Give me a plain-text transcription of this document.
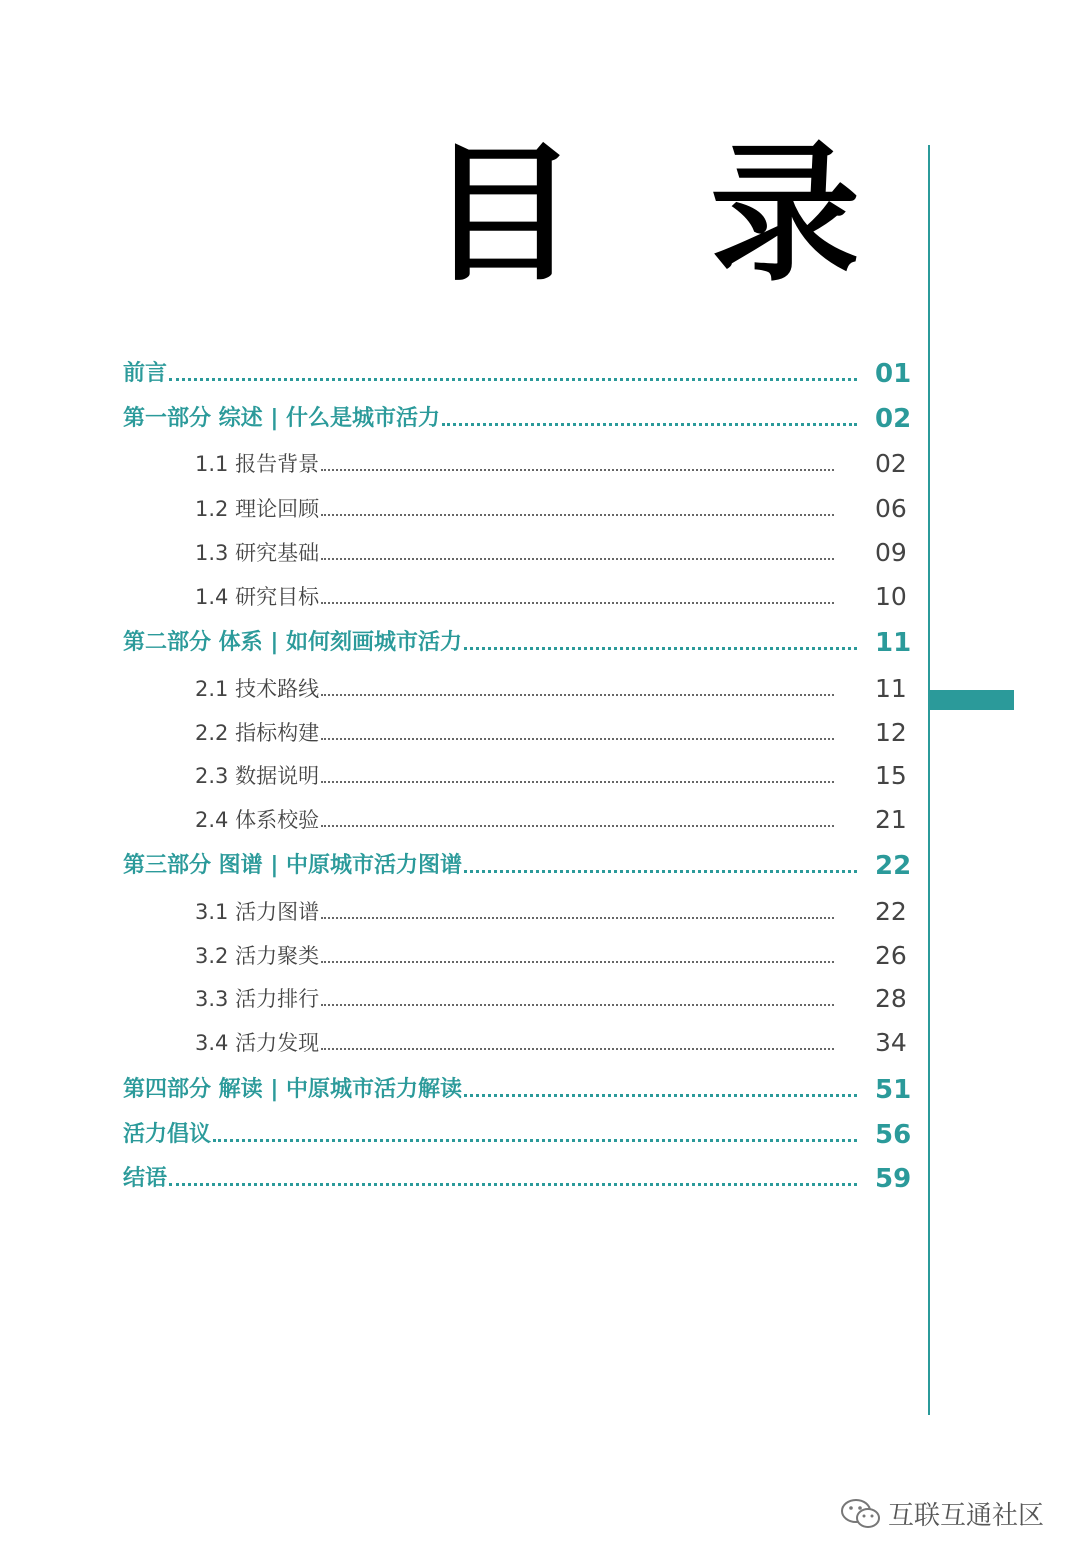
目 录
前言	01
第一部分 综述 | 什么是城市活力	02
1.1 报告背景	02
1.2 理论回顾	06
1.3 研究基础	09
1.4 研究目标	10
第二部分 体系 | 如何刻画城市活力	11
2.1 技术路线	11
2.2 指标构建	12
2.3 数据说明	15
2.4 体系校验	21
第三部分 图谱 | 中原城市活力图谱	22
3.1 活力图谱	22
3.2 活力聚类	26
3.3 活力排行	28
3.4 活力发现	34
第四部分 解读 | 中原城市活力解读	51
活力倡议	56
结语	59
互联互通社区
